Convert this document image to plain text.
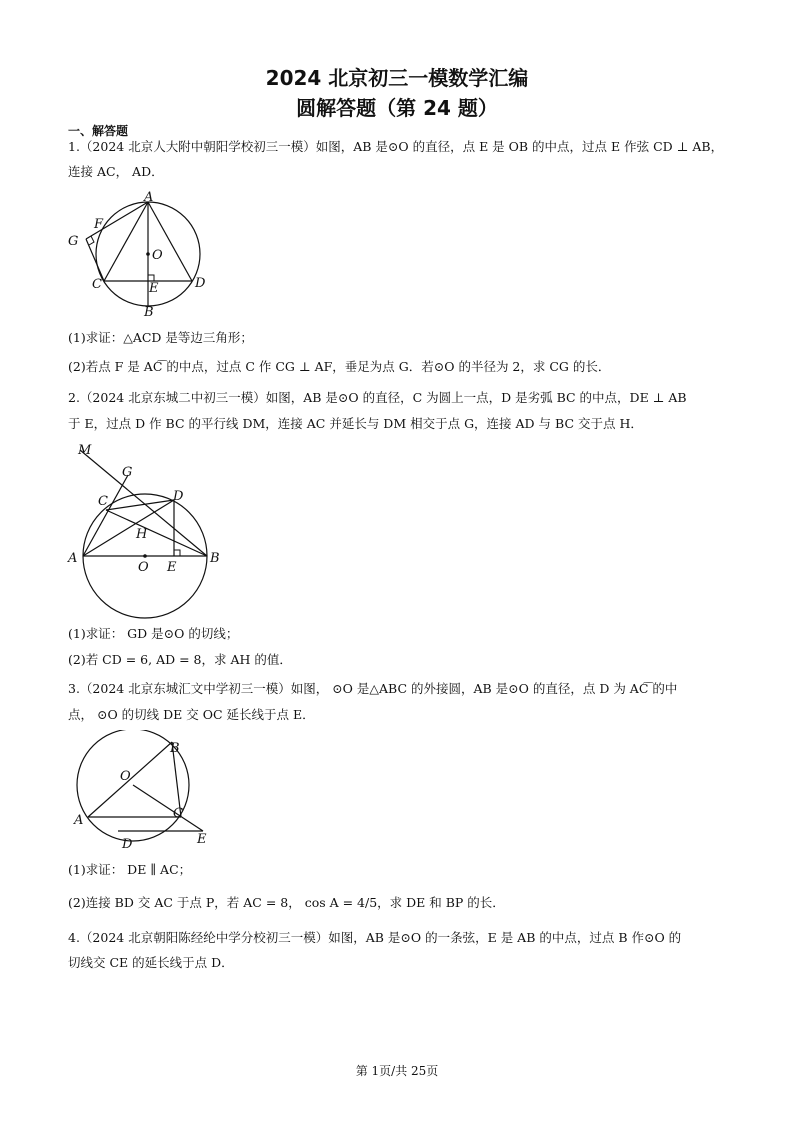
2024 北京初三一模数学汇编
圆解答题（第 24 题）
一、解答题
1.（2024 北京人大附中朝阳学校初三一模）如图，AB 是⊙O 的直径，点 E 是 OB 的中点，过点 E 作弦 CD ⊥ AB，
连接 AC， AD．
A
F
G
O
C	D
E
B
(1)求证：△ACD 是等边三角形；
(2)若点 F 是 AC͡ 的中点，过点 C 作 CG ⊥ AF，垂足为点 G．若⊙O 的半径为 2，求 CG 的长．
2.（2024 北京东城二中初三一模）如图，AB 是⊙O 的直径，C 为圆上一点，D 是劣弧 BC 的中点，DE ⊥ AB
于 E，过点 D 作 BC 的平行线 DM，连接 AC 并延长与 DM 相交于点 G，连接 AD 与 BC 交于点 H．
M
G
C	D
H
A
O E
B
(1)求证： GD 是⊙O 的切线；
(2)若 CD = 6, AD = 8，求 AH 的值．
3.（2024 北京东城汇文中学初三一模）如图， ⊙O 是△ABC 的外接圆，AB 是⊙O 的直径，点 D 为 AC͡ 的中
点， ⊙O 的切线 DE 交 OC 延长线于点 E．
B
O
A	C
E
D
(1)求证： DE ∥ AC；
(2)连接 BD 交 AC 于点 P，若 AC = 8， cos A = 4/5，求 DE 和 BP 的长．
4.（2024 北京朝阳陈经纶中学分校初三一模）如图，AB 是⊙O 的一条弦，E 是 AB 的中点，过点 B 作⊙O 的
切线交 CE 的延长线于点 D．
第 1页/共 25页
